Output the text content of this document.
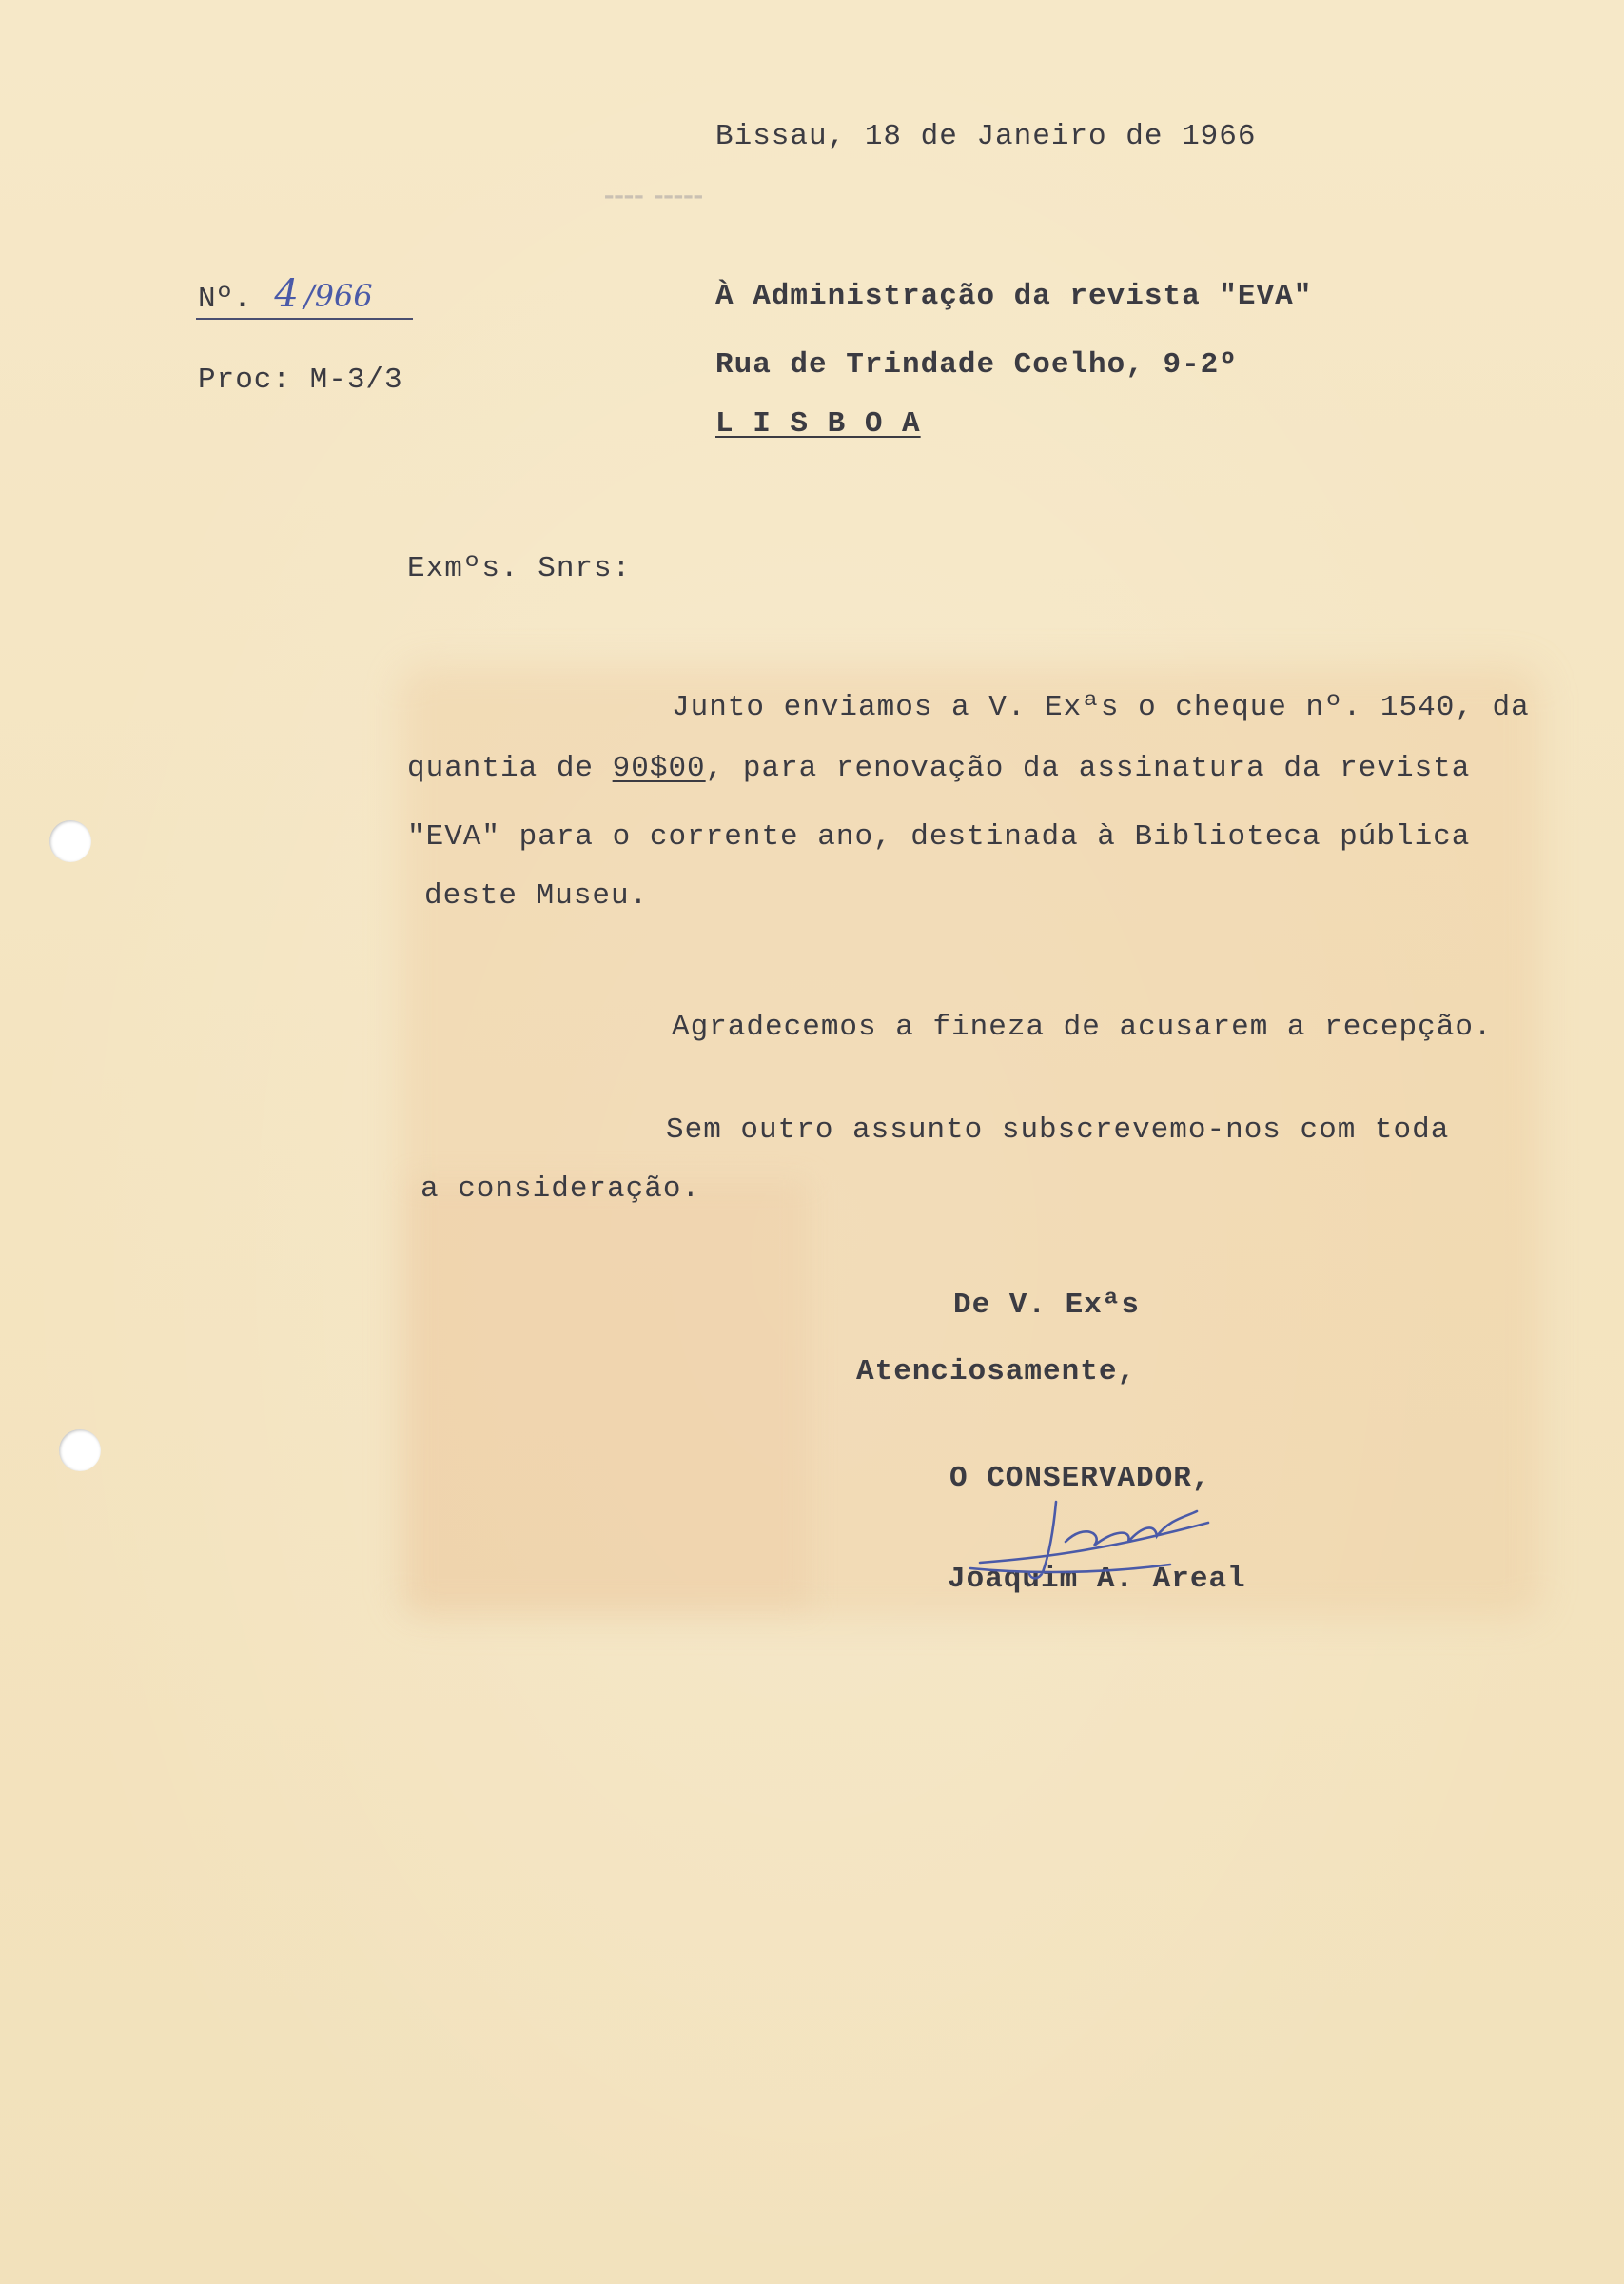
▬▬▬▬ ▬▬▬▬▬
Bissau, 18 de Janeiro de 1966
Nº. 4 /966
Proc: M-3/3
À Administração da revista "EVA"
Rua de Trindade Coelho, 9-2º
L I S B O A
Exmºs. Snrs:
Junto enviamos a V. Exªs o cheque nº. 1540, da
quantia de 90$00, para renovação da assinatura da revista
"EVA" para o corrente ano, destinada à Biblioteca pública
deste Museu.
Agradecemos a fineza de acusarem a recepção.
Sem outro assunto subscrevemo-nos com toda
a consideração.
De V. Exªs
Atenciosamente,
O CONSERVADOR,
Joaquim A. Areal
